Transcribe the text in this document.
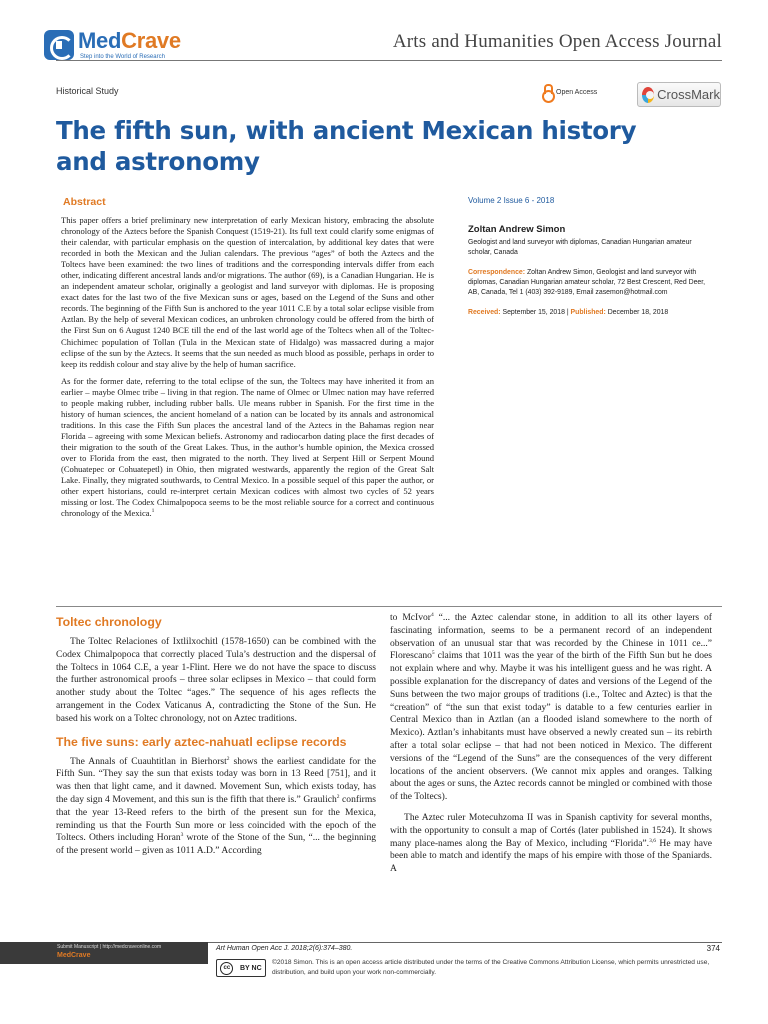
MedCrave
Step into the World of Research
Arts and Humanities Open Access Journal
Historical Study	Open Access	CrossMark
The fifth sun, with ancient Mexican history and astronomy
Abstract

This paper offers a brief preliminary new interpretation of early Mexican history, embracing the absolute chronology of the Aztecs before the Spanish Conquest (1519-21). Its full text could clarify some enigmas of their calendar, with particular emphasis on the question of intercalation, by additional key dates that were recorded in both the Mexican and the Julian calendars. The previous “ages” of both the Aztecs and the Toltecs have been examined: the two lines of traditions and the corresponding intervals differ from each other, indicating different ancestral lands and/or migrations. The author (69), is a Canadian Hungarian. He is an independent amateur scholar, originally a geologist and land surveyor with diplomas. He is proposing exact dates for the last two of the five Mexican suns or ages, based on the Legend of the Suns and other records. The beginning of the Fifth Sun is anchored to the year 1011 C.E by a total solar eclipse visible from Aztlan. By the help of several Mexican codices, an unbroken chronology could be offered from the birth of the First Sun on 6 August 1240 BCE till the end of the last world age of the Toltecs when all of the Toltec-Chichimec population of Tollan (Tula in the Mexican state of Hidalgo) was massacred during a major eclipse of the sun by the Aztecs. It seems that the sun needed as much blood as possible, perhaps in order to keep its reddish colour and stay alive by the help of human sacrifice.

As for the former date, referring to the total eclipse of the sun, the Toltecs may have inherited it from an earlier – maybe Olmec tribe – living in that region. The name of Olmec or Ulmec nation may have referred to people making rubber, including rubber balls. Ule means rubber in Spanish. For the first time in the history of human sciences, the ancient homeland of a nation can be located by its annals and astronomical traditions. In this case the Fifth Sun places the ancestral land of the Aztecs in the Bahamas region near Florida – agreeing with some Mexican beliefs. Astronomy and radiocarbon dating place the first decades of their migration to the south of the Great Lakes. Thus, in the author’s humble opinion, the Mexica crossed over to Florida from the east, then migrated to the north. They lived at Serpent Hill or Serpent Mound (Cohuatepec or Cohuatepetl) in Ohio, then migrated westwards, apparently the region of the Great Salt Lake. Finally, they migrated southwards, to Central Mexico. In a possible sequel of this paper the author, or other expert historians, could re-interpret certain Mexican codices with almost two cycles of 52 years missing or lost. The Codex Chimalpopoca seems to be the most reliable source for a correct and continuous chronology of the Mexica.$^1$

Volume 2 Issue 6 - 2018
Zoltan Andrew Simon
Geologist and land surveyor with diplomas, Canadian Hungarian amateur scholar, Canada
Correspondence: Zoltan Andrew Simon, Geologist and land surveyor with diplomas, Canadian Hungarian amateur scholar, 72 Best Crescent, Red Deer, AB, Canada, Tel 1 (403) 392-9189, Email zasemon@hotmail.com
Received: September 15, 2018 | Published: December 18, 2018
Toltec chronology

The Toltec Relaciones of Ixtlilxochitl (1578-1650) can be combined with the Codex Chimalpopoca that correctly placed Tula’s destruction and the dispersal of the Toltecs in 1064 C.E, a year 1-Flint. Here we do not have the space to discuss the further astronomical proofs – three solar eclipses in Mexico – that could form another study about the Toltec “ages.” The sequence of his ages reflects the arrangement in the Codex Vaticanus A, contradicting the Stone of the Sun. He based his work on a Toltec chronology, not on Aztec traditions.

The five suns: early aztec-nahuatl eclipse records

The Annals of Cuauhtitlan in Bierhorst$^2$ shows the earliest candidate for the Fifth Sun. “They say the sun that exists today was born in 13 Reed [751], and it was then that light came, and it dawned. Movement Sun, which exists today, has the day sign 4 Movement, and this sun is the fifth that there is.” Graulich$^2$ confirms that the year 13-Reed refers to the birth of the present sun for the Mexica, reminding us that the Fourth Sun more or less coincided with the epoch of the Toltecs. Others including Horan$^3$ wrote of the Stone of the Sun, “... the beginning of the present world – given as 1011 A.D.” According

to McIvor$^4$ “... the Aztec calendar stone, in addition to all its other layers of fascinating information, seems to be a permanent record of an independent observation of an unusual star that was recorded by the Chinese in 1011 ce...” Florescano$^5$ claims that 1011 was the year of the birth of the Fifth Sun but he does not explain where and why. Maybe it was his intelligent guess and he was right. A possible explanation for the discrepancy of dates and versions of the Legend of the Suns between the two major groups of traditions (i.e., Toltec and Aztec) is that the “creation” of “the sun that exist today” is datable to a few centuries earlier in Central Mexico than in Aztlan (an a flooded island somewhere to the north of Mexico). Aztlan’s inhabitants must have observed a newly created sun – its rebirth after a total solar eclipse – that had not been noticed in Mexico. The different versions of the “Legend of the Suns” are the consequences of the very different locations of the ancient observers. (We cannot mix apples and oranges. Talking about the ages or suns, the Aztec records cannot be mingled or combined with those of the Toltecs).

The Aztec ruler Motecuhzoma II was in Spanish captivity for several months, with the opportunity to consult a map of Cortés (later published in 1524). It shows many place-names along the Bay of Mexico, including “Florida”.$^{3,6}$ He may have been able to match and identify the maps of his empire with those of the Spaniards. A

Submit Manuscript | http://medcraveonline.com
MedCrave
Art Human Open Acc J. 2018;2(6):374–380.	374
cc	BY NC
©2018 Simon. This is an open access article distributed under the terms of the Creative Commons Attribution License, which permits unrestricted use, distribution, and build upon your work non-commercially.
